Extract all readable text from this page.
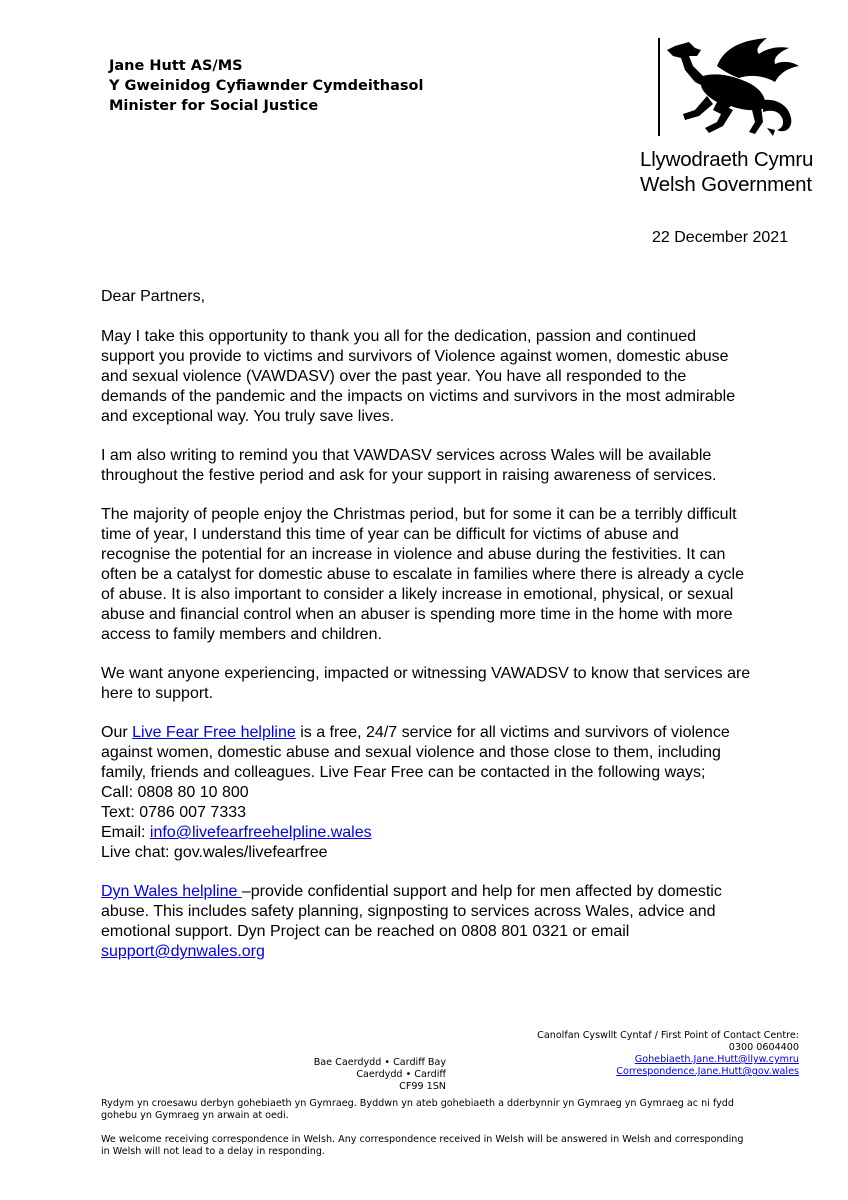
Jane Hutt AS/MS
Y Gweinidog Cyfiawnder Cymdeithasol
Minister for Social Justice
Llywodraeth Cymru
Welsh Government
22 December 2021

Dear Partners,

May I take this opportunity to thank you all for the dedication, passion and continued
support you provide to victims and survivors of Violence against women, domestic abuse
and sexual violence (VAWDASV) over the past year. You have all responded to the
demands of the pandemic and the impacts on victims and survivors in the most admirable
and exceptional way. You truly save lives.

I am also writing to remind you that VAWDASV services across Wales will be available
throughout the festive period and ask for your support in raising awareness of services.

The majority of people enjoy the Christmas period, but for some it can be a terribly difficult
time of year, I understand this time of year can be difficult for victims of abuse and
recognise the potential for an increase in violence and abuse during the festivities. It can
often be a catalyst for domestic abuse to escalate in families where there is already a cycle
of abuse. It is also important to consider a likely increase in emotional, physical, or sexual
abuse and financial control when an abuser is spending more time in the home with more
access to family members and children.

We want anyone experiencing, impacted or witnessing VAWADSV to know that services are
here to support.

Our Live Fear Free helpline is a free, 24/7 service for all victims and survivors of violence
against women, domestic abuse and sexual violence and those close to them, including
family, friends and colleagues. Live Fear Free can be contacted in the following ways;
Call: 0808 80 10 800
Text: 0786 007 7333
Email: info@livefearfreehelpline.wales
Live chat: gov.wales/livefearfree

Dyn Wales helpline –provide confidential support and help for men affected by domestic
abuse. This includes safety planning, signposting to services across Wales, advice and
emotional support. Dyn Project can be reached on 0808 801 0321 or email
support@dynwales.org

Canolfan Cyswllt Cyntaf / First Point of Contact Centre:
0300 0604400
Gohebiaeth.Jane.Hutt@llyw.cymru
Correspondence.Jane.Hutt@gov.wales
Bae Caerdydd • Cardiff Bay
Caerdydd • Cardiff
CF99 1SN

Rydym yn croesawu derbyn gohebiaeth yn Gymraeg. Byddwn yn ateb gohebiaeth a dderbynnir yn Gymraeg yn Gymraeg ac ni fydd
gohebu yn Gymraeg yn arwain at oedi.

We welcome receiving correspondence in Welsh. Any correspondence received in Welsh will be answered in Welsh and corresponding
in Welsh will not lead to a delay in responding.
